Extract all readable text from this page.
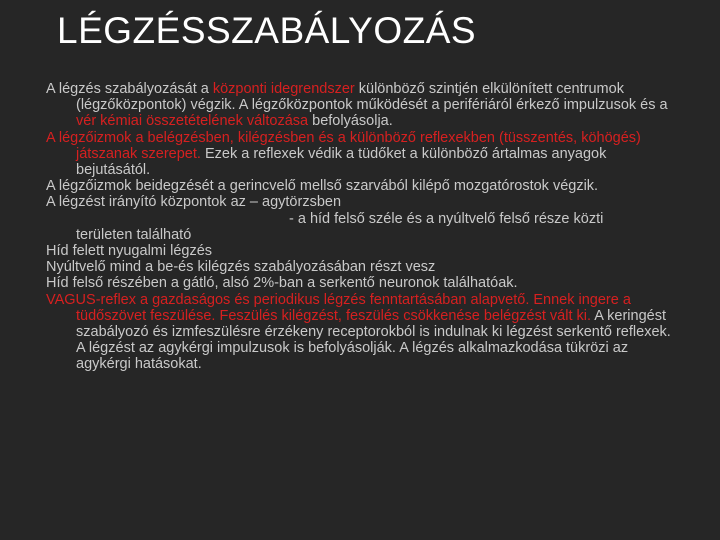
LÉGZÉSSZABÁLYOZÁS

A légzés szabályozását a központi idegrendszer különböző szintjén elkülönített centrumok (légzőközpontok) végzik. A légzőközpontok működését a perifériáról érkező impulzusok és a vér kémiai összetételének változása befolyásolja.

A légzőizmok a belégzésben, kilégzésben és a különböző reflexekben (tüsszentés, köhögés) játszanak szerepet. Ezek a reflexek védik a tüdőket a különböző ártalmas anyagok bejutásától.

A légzőizmok beidegzését a gerincvelő mellső szarvából kilépő mozgatórostok végzik.

A légzést irányító központok az – agytörzsben

- a híd felső széle és a nyúltvelő felső része közti

területen található

Híd felett nyugalmi légzés

Nyúltvelő mind a be-és kilégzés szabályozásában részt vesz

Híd felső részében a gátló, alsó 2%-ban a serkentő neuronok találhatóak.

VAGUS-reflex a gazdaságos és periodikus légzés fenntartásában alapvető. Ennek ingere a tüdőszövet feszülése. Feszülés kilégzést, feszülés csökkenése belégzést vált ki. A keringést szabályozó és izmfeszülésre érzékeny receptorokból is indulnak ki légzést serkentő reflexek. A légzést az agykérgi impulzusok is befolyásolják. A légzés alkalmazkodása tükrözi az agykérgi hatásokat.
